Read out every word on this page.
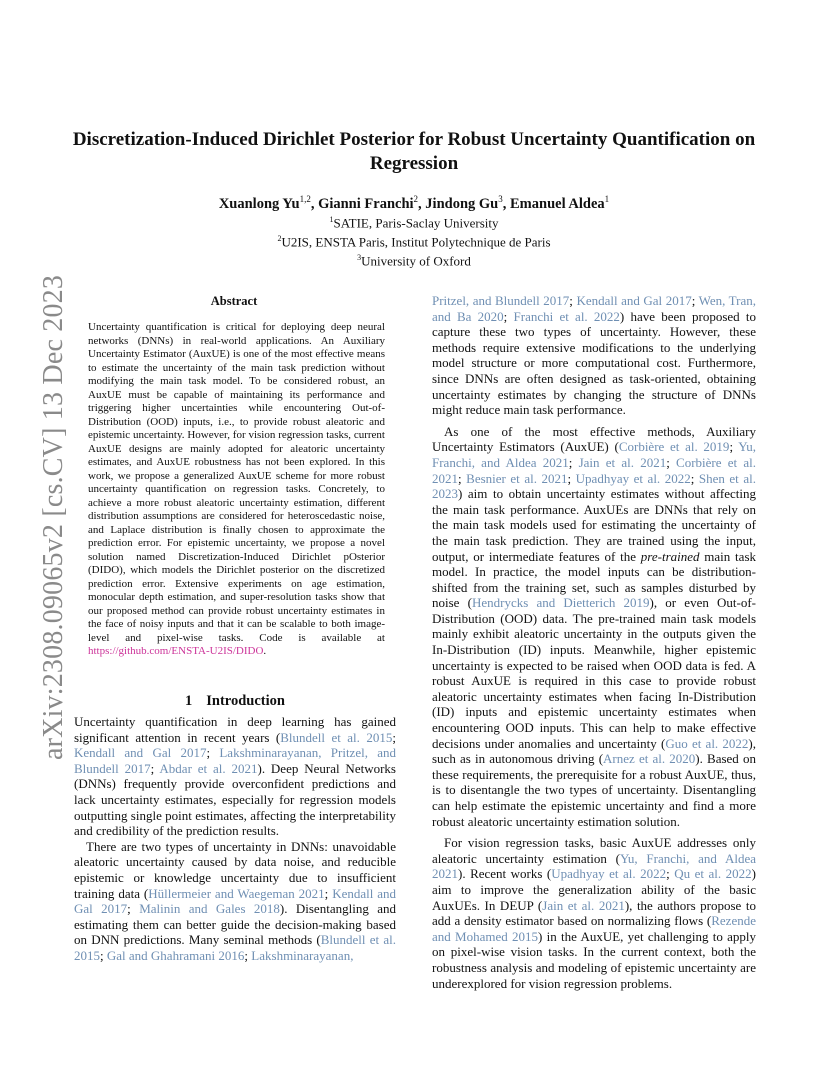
arXiv:2308.09065v2 [cs.CV] 13 Dec 2023
Discretization-Induced Dirichlet Posterior for Robust Uncertainty Quantification on Regression
Xuanlong Yu$^{1,2}$, Gianni Franchi$^2$, Jindong Gu$^3$, Emanuel Aldea$^1$
$^1$SATIE, Paris-Saclay University
$^2$U2IS, ENSTA Paris, Institut Polytechnique de Paris
$^3$University of Oxford
Abstract
Uncertainty quantification is critical for deploying deep neural networks (DNNs) in real-world applications. An Auxiliary Uncertainty Estimator (AuxUE) is one of the most effective means to estimate the uncertainty of the main task prediction without modifying the main task model. To be considered robust, an AuxUE must be capable of maintaining its performance and triggering higher uncertainties while encountering Out-of-Distribution (OOD) inputs, i.e., to provide robust aleatoric and epistemic uncertainty. However, for vision regression tasks, current AuxUE designs are mainly adopted for aleatoric uncertainty estimates, and AuxUE robustness has not been explored. In this work, we propose a generalized AuxUE scheme for more robust uncertainty quantification on regression tasks. Concretely, to achieve a more robust aleatoric uncertainty estimation, different distribution assumptions are considered for heteroscedastic noise, and Laplace distribution is finally chosen to approximate the prediction error. For epistemic uncertainty, we propose a novel solution named Discretization-Induced Dirichlet pOsterior (DIDO), which models the Dirichlet posterior on the discretized prediction error. Extensive experiments on age estimation, monocular depth estimation, and super-resolution tasks show that our proposed method can provide robust uncertainty estimates in the face of noisy inputs and that it can be scalable to both image-level and pixel-wise tasks. Code is available at https://github.com/ENSTA-U2IS/DIDO.
1 Introduction

Uncertainty quantification in deep learning has gained significant attention in recent years (Blundell et al. 2015; Kendall and Gal 2017; Lakshminarayanan, Pritzel, and Blundell 2017; Abdar et al. 2021). Deep Neural Networks (DNNs) frequently provide overconfident predictions and lack uncertainty estimates, especially for regression models outputting single point estimates, affecting the interpretability and credibility of the prediction results.

There are two types of uncertainty in DNNs: unavoidable aleatoric uncertainty caused by data noise, and reducible epistemic or knowledge uncertainty due to insufficient training data (Hüllermeier and Waegeman 2021; Kendall and Gal 2017; Malinin and Gales 2018). Disentangling and estimating them can better guide the decision-making based on DNN predictions. Many seminal methods (Blundell et al. 2015; Gal and Ghahramani 2016; Lakshminarayanan,

Pritzel, and Blundell 2017; Kendall and Gal 2017; Wen, Tran, and Ba 2020; Franchi et al. 2022) have been proposed to capture these two types of uncertainty. However, these methods require extensive modifications to the underlying model structure or more computational cost. Furthermore, since DNNs are often designed as task-oriented, obtaining uncertainty estimates by changing the structure of DNNs might reduce main task performance.

As one of the most effective methods, Auxiliary Uncertainty Estimators (AuxUE) (Corbière et al. 2019; Yu, Franchi, and Aldea 2021; Jain et al. 2021; Corbière et al. 2021; Besnier et al. 2021; Upadhyay et al. 2022; Shen et al. 2023) aim to obtain uncertainty estimates without affecting the main task performance. AuxUEs are DNNs that rely on the main task models used for estimating the uncertainty of the main task prediction. They are trained using the input, output, or intermediate features of the pre-trained main task model. In practice, the model inputs can be distribution-shifted from the training set, such as samples disturbed by noise (Hendrycks and Dietterich 2019), or even Out-of-Distribution (OOD) data. The pre-trained main task models mainly exhibit aleatoric uncertainty in the outputs given the In-Distribution (ID) inputs. Meanwhile, higher epistemic uncertainty is expected to be raised when OOD data is fed. A robust AuxUE is required in this case to provide robust aleatoric uncertainty estimates when facing In-Distribution (ID) inputs and epistemic uncertainty estimates when encountering OOD inputs. This can help to make effective decisions under anomalies and uncertainty (Guo et al. 2022), such as in autonomous driving (Arnez et al. 2020). Based on these requirements, the prerequisite for a robust AuxUE, thus, is to disentangle the two types of uncertainty. Disentangling can help estimate the epistemic uncertainty and find a more robust aleatoric uncertainty estimation solution.

For vision regression tasks, basic AuxUE addresses only aleatoric uncertainty estimation (Yu, Franchi, and Aldea 2021). Recent works (Upadhyay et al. 2022; Qu et al. 2022) aim to improve the generalization ability of the basic AuxUEs. In DEUP (Jain et al. 2021), the authors propose to add a density estimator based on normalizing flows (Rezende and Mohamed 2015) in the AuxUE, yet challenging to apply on pixel-wise vision tasks. In the current context, both the robustness analysis and modeling of epistemic uncertainty are underexplored for vision regression problems.
